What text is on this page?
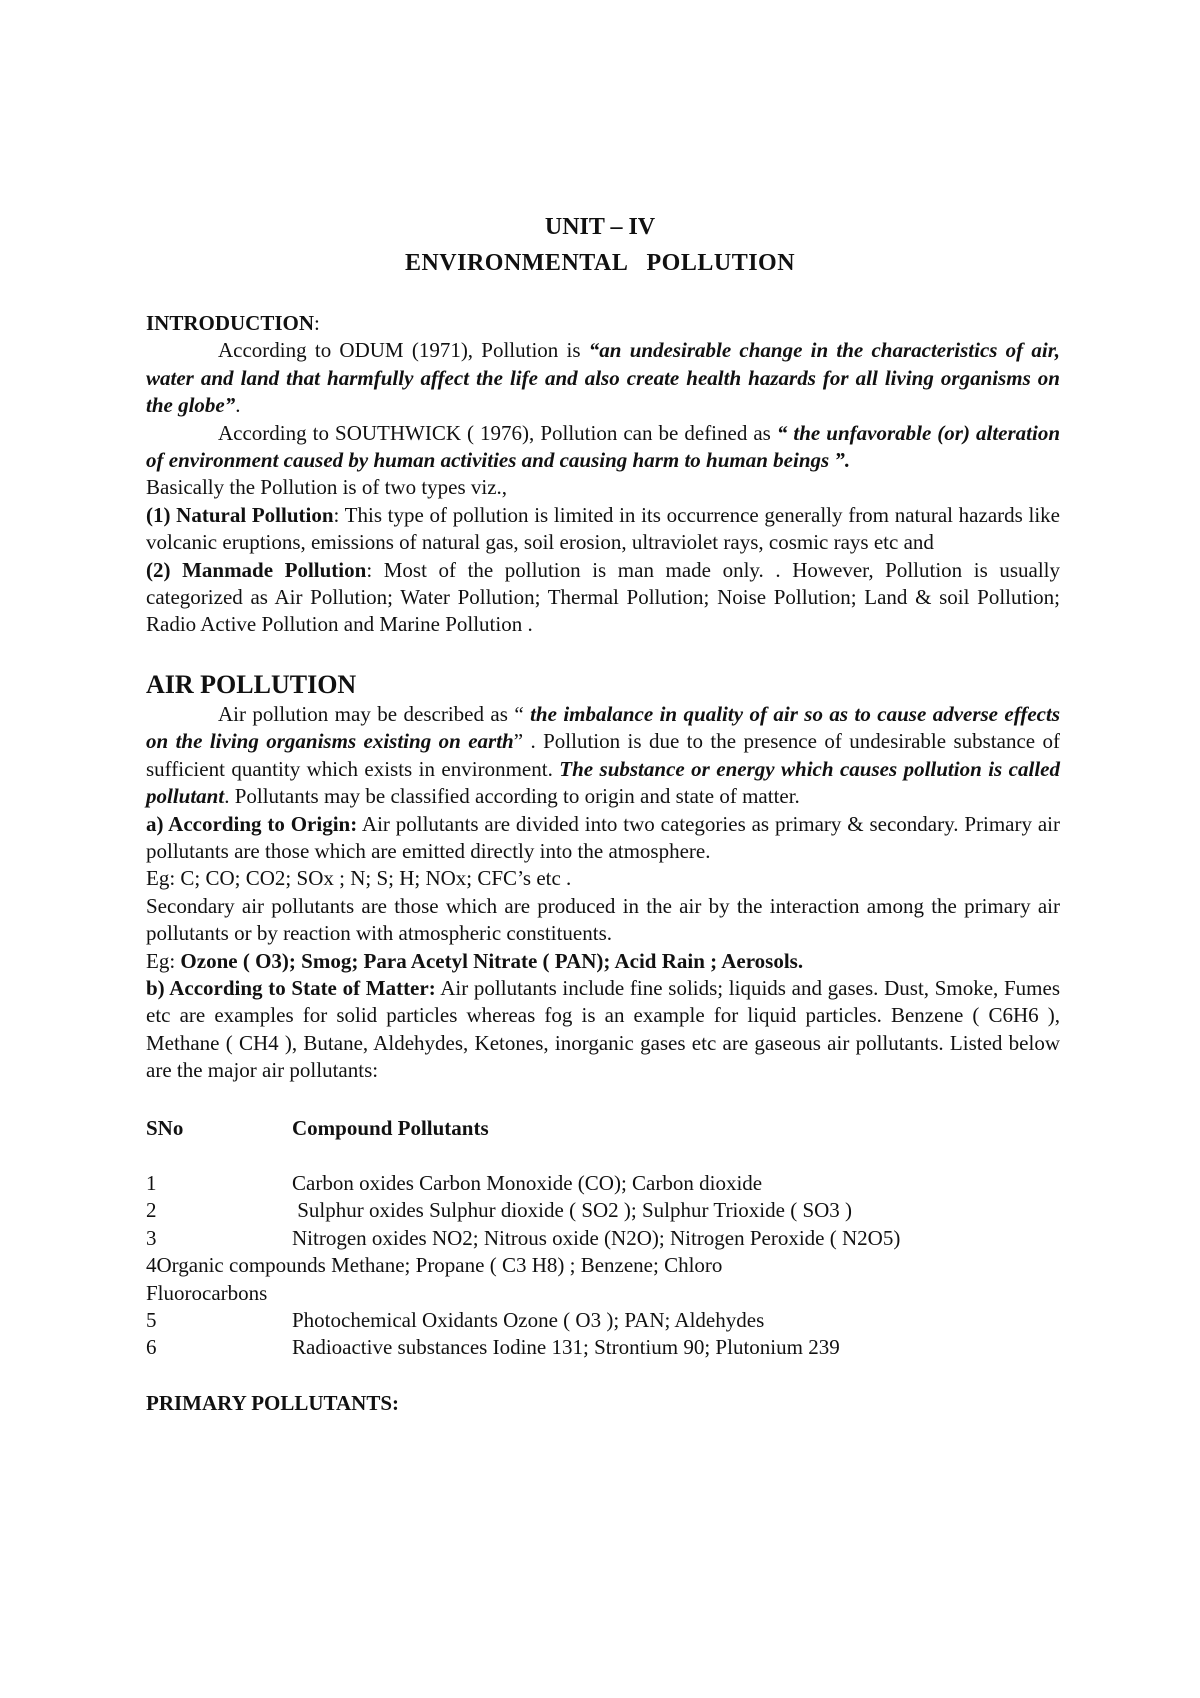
UNIT – IV
ENVIRONMENTAL   POLLUTION

INTRODUCTION:

According to ODUM (1971), Pollution is “an undesirable change in the characteristics of air, water and land that harmfully affect the life and also create health hazards for all living organisms on the globe”.

According to SOUTHWICK ( 1976), Pollution can be defined as “ the unfavorable (or) alteration of environment caused by human activities and causing harm to human beings ”.

Basically the Pollution is of two types viz.,

(1) Natural Pollution: This type of pollution is limited in its occurrence generally from natural hazards like volcanic eruptions, emissions of natural gas, soil erosion, ultraviolet rays, cosmic rays etc and

(2) Manmade Pollution: Most of the pollution is man made only. . However, Pollution is usually categorized as Air Pollution; Water Pollution; Thermal Pollution; Noise Pollution; Land & soil Pollution; Radio Active Pollution and Marine Pollution .

AIR POLLUTION

Air pollution may be described as “ the imbalance in quality of air so as to cause adverse effects on the living organisms existing on earth” . Pollution is due to the presence of undesirable substance of sufficient quantity which exists in environment. The substance or energy which causes pollution is called pollutant. Pollutants may be classified according to origin and state of matter.

a) According to Origin: Air pollutants are divided into two categories as primary & secondary. Primary air pollutants are those which are emitted directly into the atmosphere.

Eg: C; CO; CO2; SOx ; N; S; H; NOx; CFC’s etc .

Secondary air pollutants are those which are produced in the air by the interaction among the primary air pollutants or by reaction with atmospheric constituents.

Eg: Ozone ( O3); Smog; Para Acetyl Nitrate ( PAN); Acid Rain ; Aerosols.

b) According to State of Matter: Air pollutants include fine solids; liquids and gases. Dust, Smoke, Fumes etc are examples for solid particles whereas fog is an example for liquid particles. Benzene ( C6H6 ), Methane ( CH4 ), Butane, Aldehydes, Ketones, inorganic gases etc are gaseous air pollutants. Listed below are the major air pollutants:

SNo	Compound Pollutants
1	Carbon oxides Carbon Monoxide (CO); Carbon dioxide
2	Sulphur oxides Sulphur dioxide ( SO2 ); Sulphur Trioxide ( SO3 )
3	Nitrogen oxides NO2; Nitrous oxide (N2O); Nitrogen Peroxide ( N2O5)
4 Organic compounds Methane; Propane ( C3 H8) ; Benzene; Chloro
Fluorocarbons
5	Photochemical Oxidants Ozone ( O3 ); PAN; Aldehydes
6	Radioactive substances Iodine 131; Strontium 90; Plutonium 239

PRIMARY POLLUTANTS:
